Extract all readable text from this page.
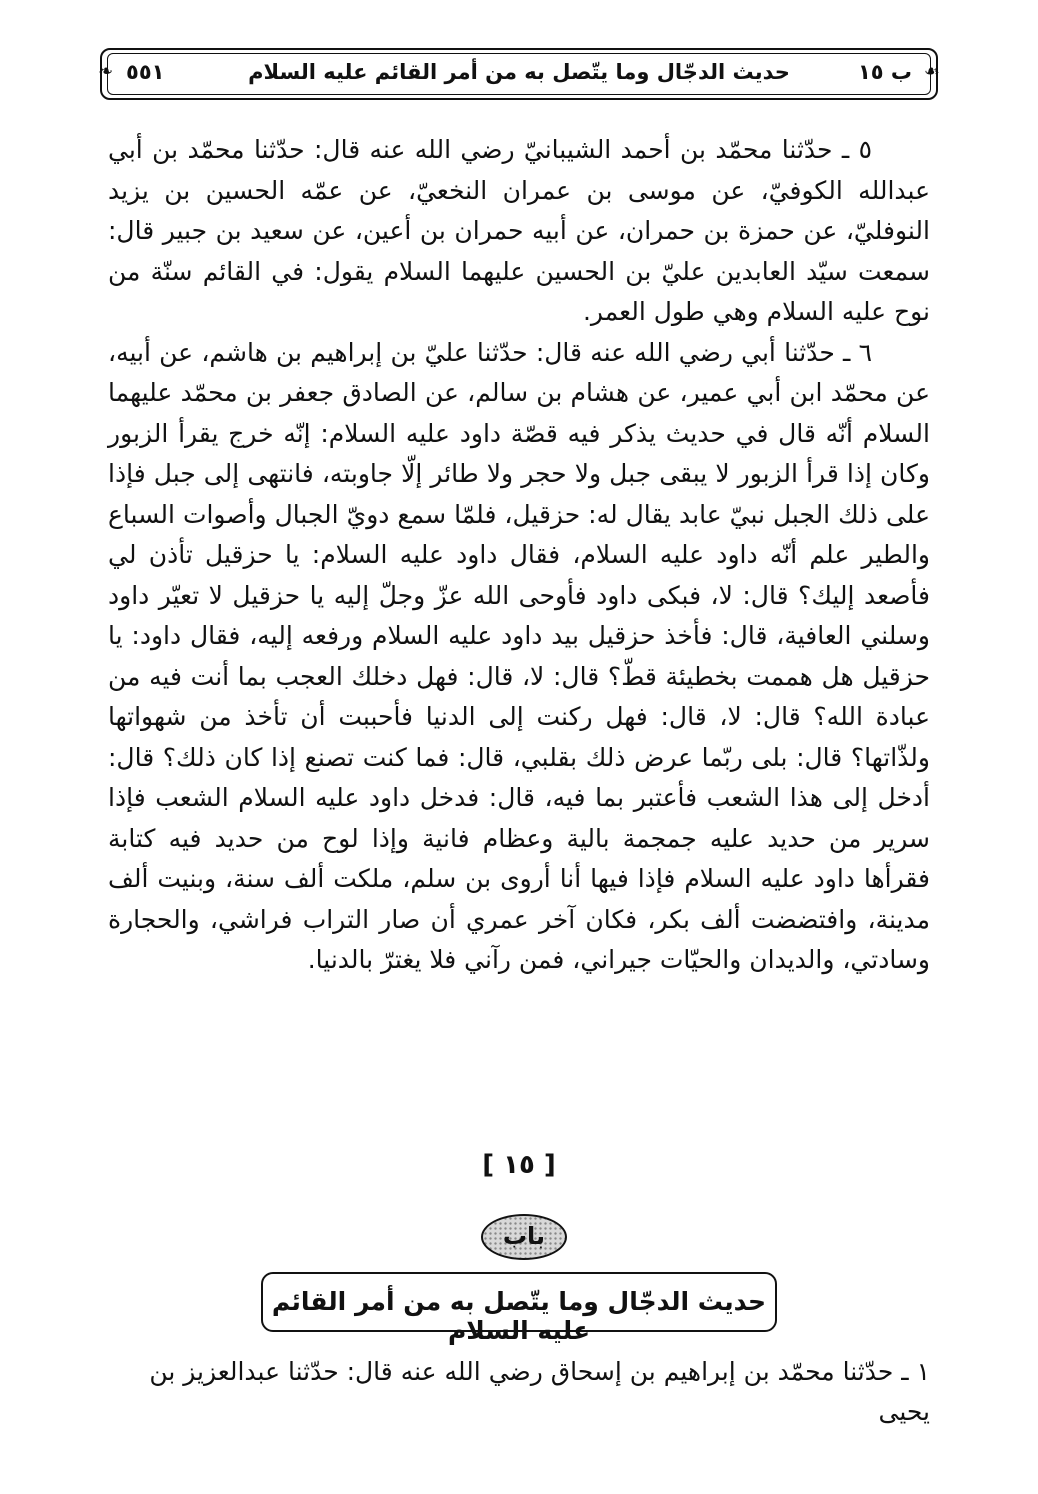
❧	☙
٥٥١	حديث الدجّال وما يتّصل به من أمر القائم عليه السلام	ب ١٥

٥ ـ حدّثنا محمّد بن أحمد الشيبانيّ رضي الله عنه قال: حدّثنا محمّد بن أبي عبدالله الكوفيّ، عن موسى بن عمران النخعيّ، عن عمّه الحسين بن يزيد النوفليّ، عن حمزة بن حمران، عن أبيه حمران بن أعين، عن سعيد بن جبير قال: سمعت سيّد العابدين عليّ بن الحسين عليهما السلام يقول: في القائم سنّة من نوح عليه السلام وهي طول العمر.

٦ ـ حدّثنا أبي رضي الله عنه قال: حدّثنا عليّ بن إبراهيم بن هاشم، عن أبيه، عن محمّد ابن أبي عمير، عن هشام بن سالم، عن الصادق جعفر بن محمّد عليهما السلام أنّه قال في حديث يذكر فيه قصّة داود عليه السلام: إنّه خرج يقرأ الزبور وكان إذا قرأ الزبور لا يبقى جبل ولا حجر ولا طائر إلّا جاوبته، فانتهى إلى جبل فإذا على ذلك الجبل نبيّ عابد يقال له: حزقيل، فلمّا سمع دويّ الجبال وأصوات السباع والطير علم أنّه داود عليه السلام، فقال داود عليه السلام: يا حزقيل تأذن لي فأصعد إليك؟ قال: لا، فبكى داود فأوحى الله عزّ وجلّ إليه يا حزقيل لا تعيّر داود وسلني العافية، قال: فأخذ حزقيل بيد داود عليه السلام ورفعه إليه، فقال داود: يا حزقيل هل هممت بخطيئة قطّ؟ قال: لا، قال: فهل دخلك العجب بما أنت فيه من عبادة الله؟ قال: لا، قال: فهل ركنت إلى الدنيا فأحببت أن تأخذ من شهواتها ولذّاتها؟ قال: بلى ربّما عرض ذلك بقلبي، قال: فما كنت تصنع إذا كان ذلك؟ قال: أدخل إلى هذا الشعب فأعتبر بما فيه، قال: فدخل داود عليه السلام الشعب فإذا سرير من حديد عليه جمجمة بالية وعظام فانية وإذا لوح من حديد فيه كتابة فقرأها داود عليه السلام فإذا فيها أنا أروى بن سلم، ملكت ألف سنة، وبنيت ألف مدينة، وافتضضت ألف بكر، فكان آخر عمري أن صار التراب فراشي، والحجارة وسادتي، والديدان والحيّات جيراني، فمن رآني فلا يغترّ بالدنيا.

[ ١٥ ]
باب
حديث الدجّال وما يتّصل به من أمر القائم عليه السلام
١ ـ حدّثنا محمّد بن إبراهيم بن إسحاق رضي الله عنه قال: حدّثنا عبدالعزيز بن يحيى
